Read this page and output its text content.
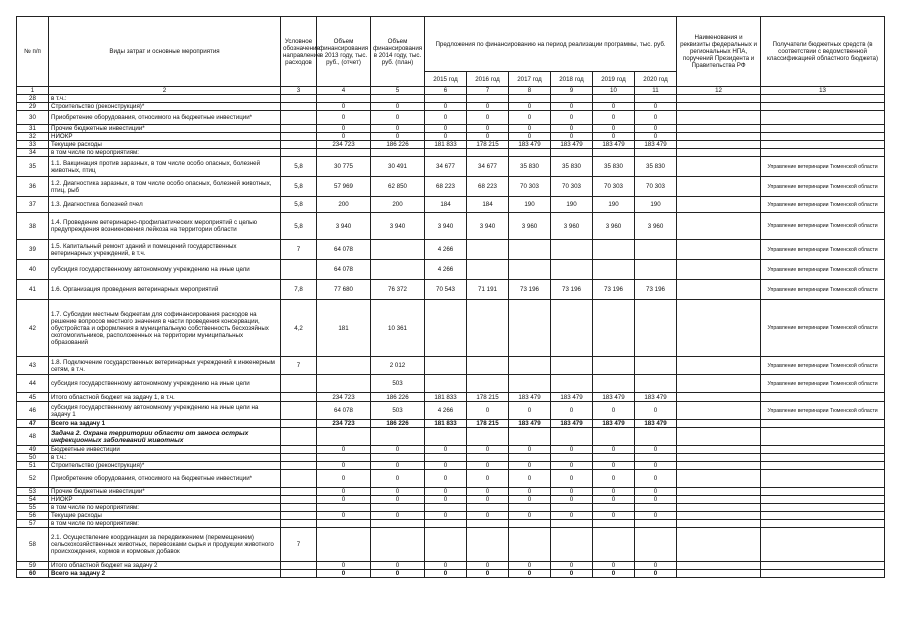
№ п/п	Виды затрат и основные мероприятия	Условное обозначение направление расходов	Объем финансирования в 2013 году, тыс. руб., (отчет)	Объем финансирования в 2014 году, тыс. руб. (план)	Предложения по финансированию на период реализации программы, тыс. руб.						Наименования и реквизиты федеральных и региональных НПА, поручений Президента и Правительства РФ	Получатели бюджетных средств (в соответствии с ведомственной классификацией областного бюджета)
					2015 год	2016 год	2017 год	2018 год	2019 год	2020 год		
1	2	3	4	5	6	7	8	9	10	11	12	13
28	в т.ч.:											
29	Строительство (реконструкция)*		0	0	0	0	0	0	0	0		
30	Приобретение оборудования, относимого на бюджетные инвестиции*		0	0	0	0	0	0	0	0		
31	Прочие бюджетные инвестиции*		0	0	0	0	0	0	0	0		
32	НИОКР		0	0	0	0	0	0	0	0		
33	Текущие расходы		234 723	186 226	181 833	178 215	183 479	183 479	183 479	183 479		
34	в том числе по мероприятиям:											
35	1.1. Вакцинация против заразных, в том числе особо опасных, болезней животных, птиц	5,8	30 775	30 491	34 677	34 677	35 830	35 830	35 830	35 830		Управление ветеринарии Тюменской области
36	1.2. Диагностика заразных, в том числе особо опасных, болезней животных, птиц, рыб	5,8	57 969	62 850	68 223	68 223	70 303	70 303	70 303	70 303		Управление ветеринарии Тюменской области
37	1.3. Диагностика болезней пчел	5,8	200	200	184	184	190	190	190	190		Управление ветеринарии Тюменской области
38	1.4. Проведение ветеринарно-профилактических мероприятий с целью предупреждения возникновения лейкоза на территории области	5,8	3 940	3 940	3 940	3 940	3 960	3 960	3 960	3 960		Управление ветеринарии Тюменской области
39	1.5. Капитальный ремонт зданий и помещений государственных ветеринарных учреждений, в т.ч.	7	64 078		4 266							Управление ветеринарии Тюменской области
40	субсидия государственному автономному учреждению на иные цели		64 078		4 266							Управление ветеринарии Тюменской области
41	1.6. Организация проведения ветеринарных мероприятий	7,8	77 680	76 372	70 543	71 191	73 196	73 196	73 196	73 196		Управление ветеринарии Тюменской области
42	1.7. Субсидии местным бюджетам для софинансирования расходов на решение вопросов местного значения в части проведения консервации, обустройства и оформления в муниципальную собственность бесхозяйных скотомогильников, расположенных на территории муниципальных образований	4,2	181	10 361								Управление ветеринарии Тюменской области
43	1.8. Подключение государственных ветеринарных учреждений к инженерным сетям, в т.ч.	7		2 012								Управление ветеринарии Тюменской области
44	субсидия государственному автономному учреждению на иные цели			503								Управление ветеринарии Тюменской области
45	Итого областной бюджет на задачу 1, в т.ч.		234 723	186 226	181 833	178 215	183 479	183 479	183 479	183 479		
46	субсидия государственному автономному учреждению на иные цели на задачу 1		64 078	503	4 266	0	0	0	0	0		Управление ветеринарии Тюменской области
47	Всего на задачу 1		234 723	186 226	181 833	178 215	183 479	183 479	183 479	183 479		
48	Задача 2. Охрана территории области от заноса острых инфекционных заболеваний животных											
49	Бюджетные инвестиции		0	0	0	0	0	0	0	0		
50	в т.ч.:											
51	Строительство (реконструкция)*		0	0	0	0	0	0	0	0		
52	Приобретение оборудования, относимого на бюджетные инвестиции*		0	0	0	0	0	0	0	0		
53	Прочие бюджетные инвестиции*		0	0	0	0	0	0	0	0		
54	НИОКР		0	0	0	0	0	0	0	0		
55	в том числе по мероприятиям:											
56	Текущие расходы		0	0	0	0	0	0	0	0		
57	в том числе по мероприятиям:											
58	2.1. Осуществление координации за передвижением (перемещением) сельскохозяйственных животных, перевозками сырья и продукции животного происхождения, кормов и кормовых добавок	7										
59	Итого областной бюджет на задачу 2		0	0	0	0	0	0	0	0		
60	Всего на задачу 2		0	0	0	0	0	0	0	0		
